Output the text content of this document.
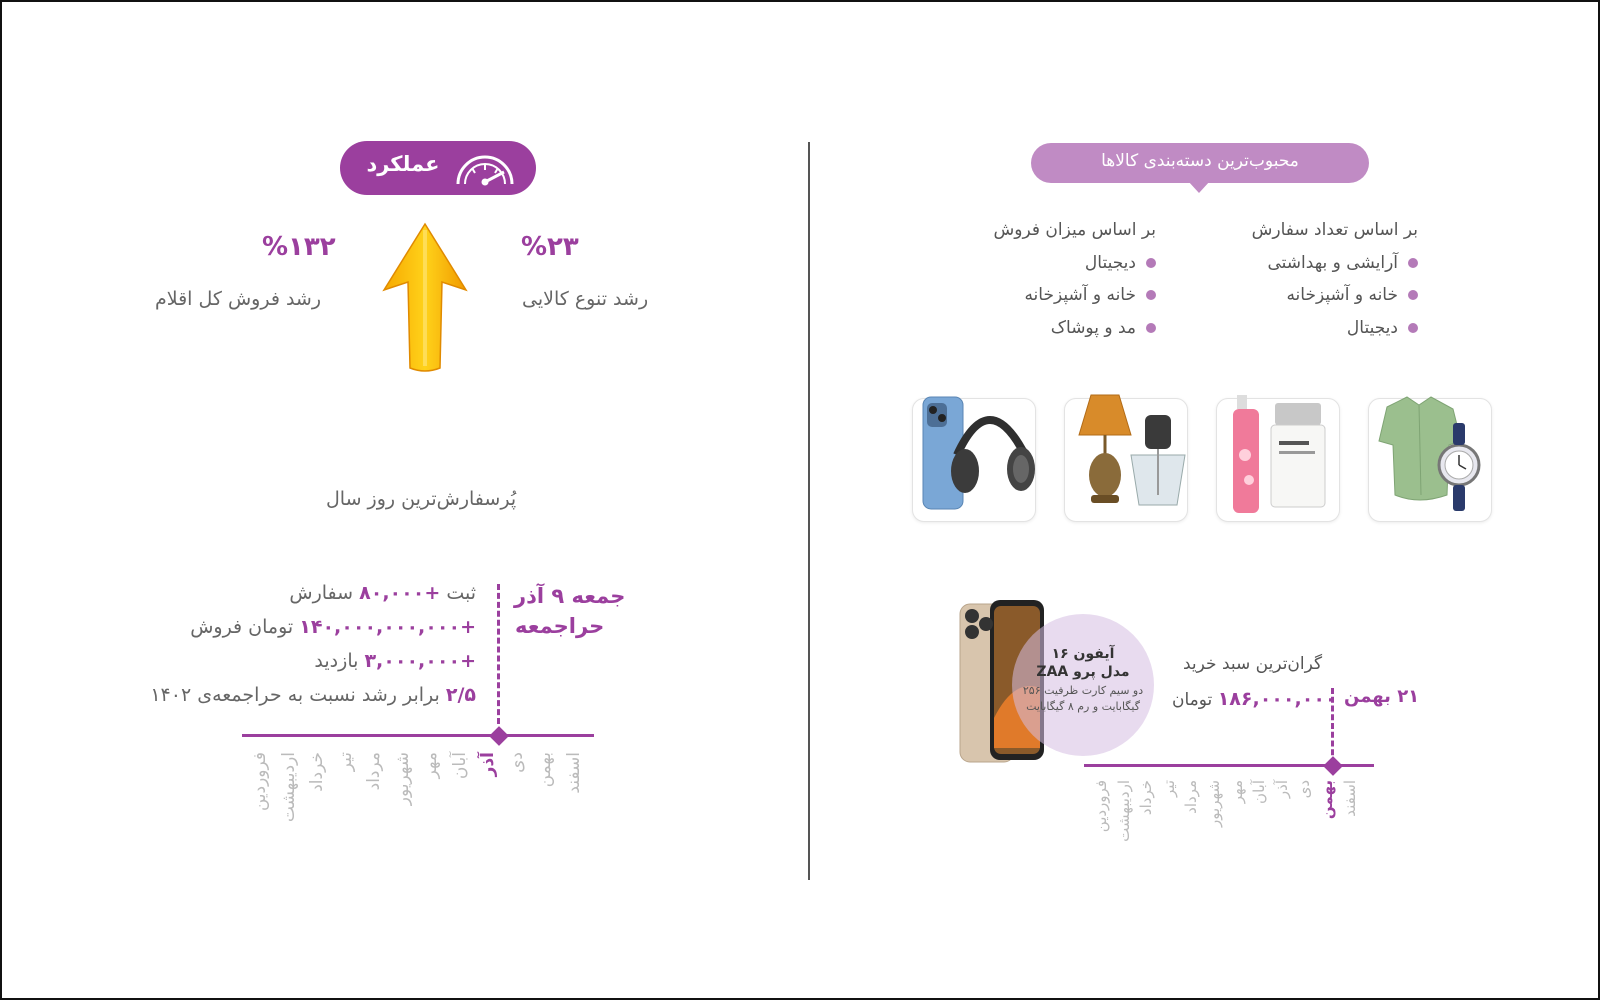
عملکرد
%۲۳
رشد تنوع کالایی
%۱۳۲
رشد فروش کل اقلام
پُرسفارش‌ترین روز سال
جمعه ۹ آذر
حراجمعه
ثبت +۸۰,۰۰۰ سفارش
+۱۴۰,۰۰۰,۰۰۰,۰۰۰ تومان فروش
+۳,۰۰۰,۰۰۰ بازدید
۲/۵ برابر رشد نسبت به حراجمعه‌ی ۱۴۰۲
فروردین اردیبهشت خرداد تیر مرداد شهریور مهر آبان آذر دی بهمن اسفند
محبوب‌ترین دسته‌بندی کالاها
بر اساس تعداد سفارش
آرایشی و بهداشتی
خانه و آشپزخانه
دیجیتال
بر اساس میزان فروش
دیجیتال
خانه و آشپزخانه
مد و پوشاک
آیفون ۱۶
مدل پرو ZAA
دو سیم کارت ظرفیت ۲۵۶
گیگابایت و رم ۸ گیگابایت
گران‌ترین سبد خرید
۱۸۶,۰۰۰,۰۰۰ تومان	۲۱ بهمن
فروردین اردیبهشت خرداد تیر مرداد شهریور مهر آبان آذر دی بهمن اسفند
